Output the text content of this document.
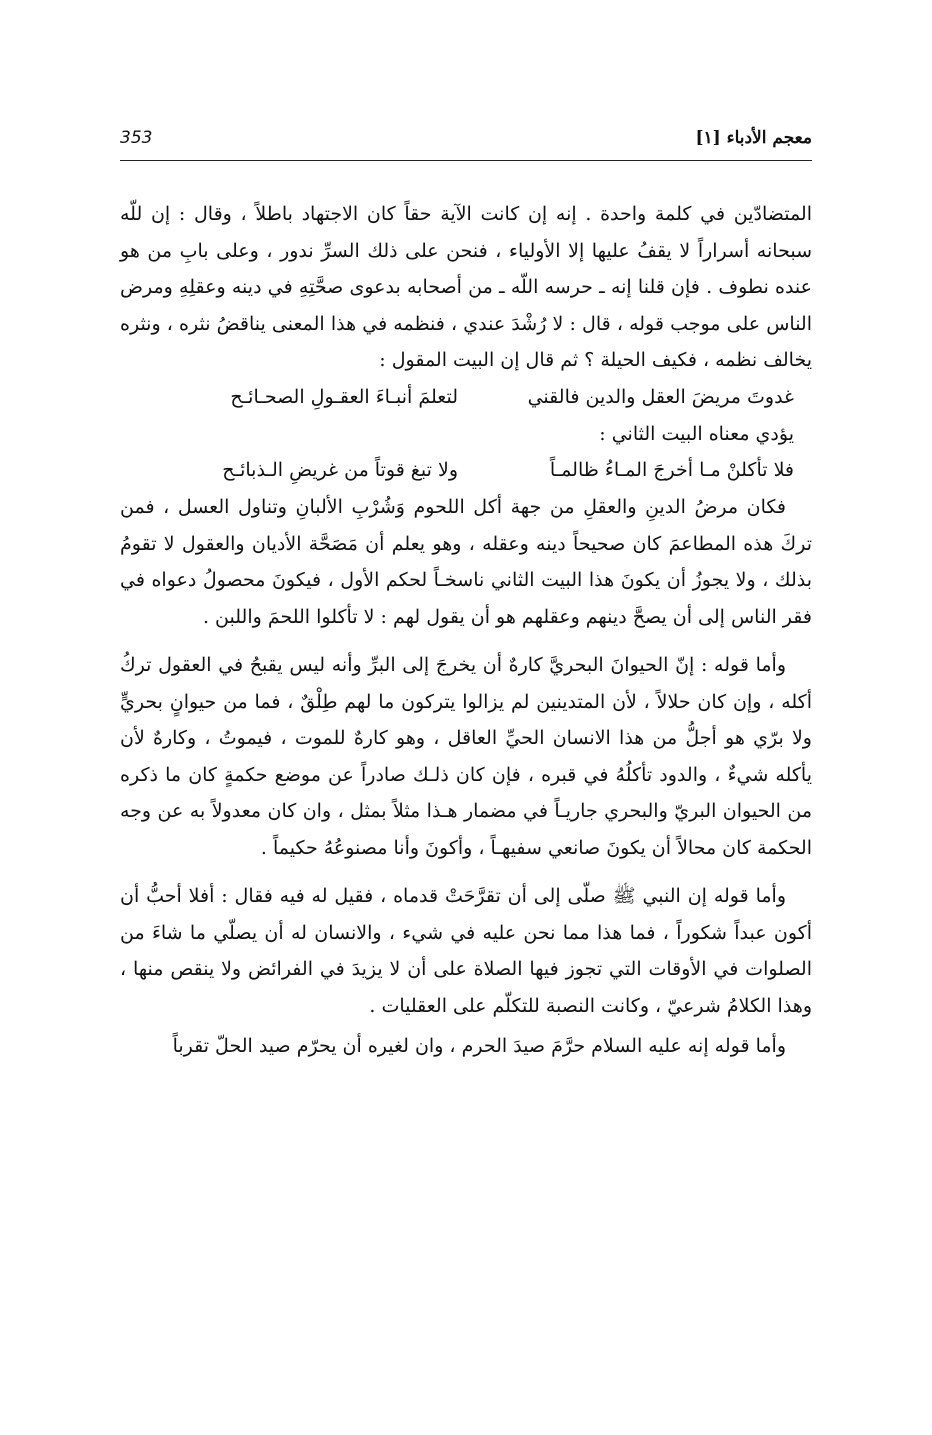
معجم الأدباء [١]
353

المتضادّين في كلمة واحدة . إنه إن كانت الآية حقاً كان الاجتهاد باطلاً ، وقال : إن للّه سبحانه أسراراً لا يقفُ عليها إلا الأولياء ، فنحن على ذلك السرِّ ندور ، وعلى بابِ من هو عنده نطوف . فإن قلنا إنه ـ حرسه اللّه ـ من أصحابه بدعوى صحَّتِهِ في دينه وعقلِهِ ومرض الناس على موجب قوله ، قال : لا رُشْدَ عندي ، فنظمه في هذا المعنى يناقضُ نثره ، ونثره يخالف نظمه ، فكيف الحيلة ؟ ثم قال إن البيت المقول :

غدوتَ مريضَ العقل والدين فالقني
لتعلمَ أنبـاءَ العقـولِ الصحـائـح

يؤدي معناه البيت الثاني :

فلا تأكلنْ مـا أخرجَ المـاءُ ظالمـاً
ولا تبغ قوتاً من غريضِ الـذبائـح

فكان مرضُ الدينِ والعقلِ من جهة أكل اللحوم وَشُرْبِ الألبانِ وتناول العسل ، فمن تركَ هذه المطاعمَ كان صحيحاً دينه وعقله ، وهو يعلم أن مَصَحَّة الأديان والعقول لا تقومُ بذلك ، ولا يجوزُ أن يكونَ هذا البيت الثاني ناسخـاً لحكم الأول ، فيكونَ محصولُ دعواه في فقر الناس إلى أن يصحَّ دينهم وعقلهم هو أن يقول لهم : لا تأكلوا اللحمَ واللبن .

وأما قوله : إنّ الحيوانَ البحريَّ كارهٌ أن يخرجَ إلى البرِّ وأنه ليس يقبحُ في العقول تركُ أكله ، وإن كان حلالاً ، لأن المتدينين لم يزالوا يتركون ما لهم طِلْقٌ ، فما من حيوانٍ بحريٍّ ولا برّي هو أجلُّ من هذا الانسان الحيِّ العاقل ، وهو كارهٌ للموت ، فيموتُ ، وكارهٌ لأن يأكله شيءٌ ، والدود تأكلُهُ في قبره ، فإن كان ذلـك صادراً عن موضع حكمةٍ كان ما ذكره من الحيوان البريّ والبحري جاريـاً في مضمار هـذا مثلاً بمثل ، وان كان معدولاً به عن وجه الحكمة كان محالاً أن يكونَ صانعي سفيهـاً ، وأكونَ وأنا مصنوعُهُ حكيماً .

وأما قوله إن النبي ﷺ صلّى إلى أن تقرَّحَتْ قدماه ، فقيل له فيه فقال : أفلا أحبُّ أن أكون عبداً شكوراً ، فما هذا مما نحن عليه في شيء ، والانسان له أن يصلّي ما شاءَ من الصلوات في الأوقات التي تجوز فيها الصلاة على أن لا يزيدَ في الفرائض ولا ينقص منها ، وهذا الكلامُ شرعيّ ، وكانت النصبة للتكلّم على العقليات .

وأما قوله إنه عليه السلام حرَّمَ صيدَ الحرم ، وان لغيره أن يحرّم صيد الحلّ تقرباً
